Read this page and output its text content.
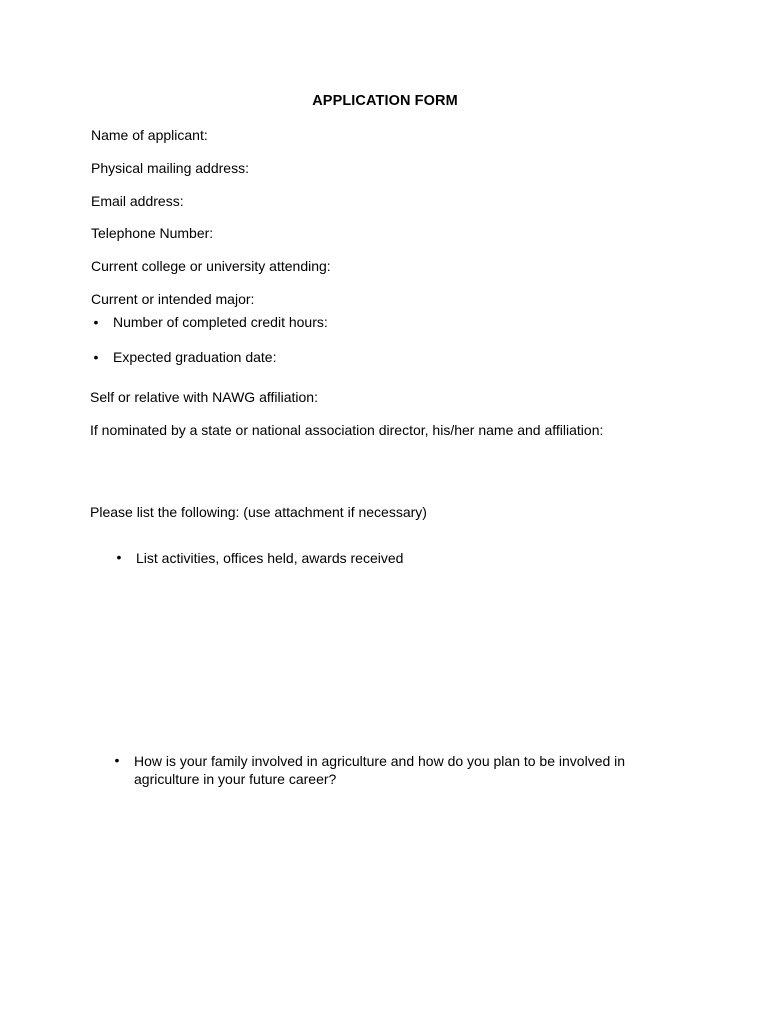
APPLICATION FORM
Name of applicant:
Physical mailing address:
Email address:
Telephone Number:
Current college or university attending:
Current or intended major:
• Number of completed credit hours:
• Expected graduation date:
Self or relative with NAWG affiliation:
If nominated by a state or national association director, his/her name and affiliation:
Please list the following: (use attachment if necessary)
• List activities, offices held, awards received
• How is your family involved in agriculture and how do you plan to be involved in agriculture in your future career?
